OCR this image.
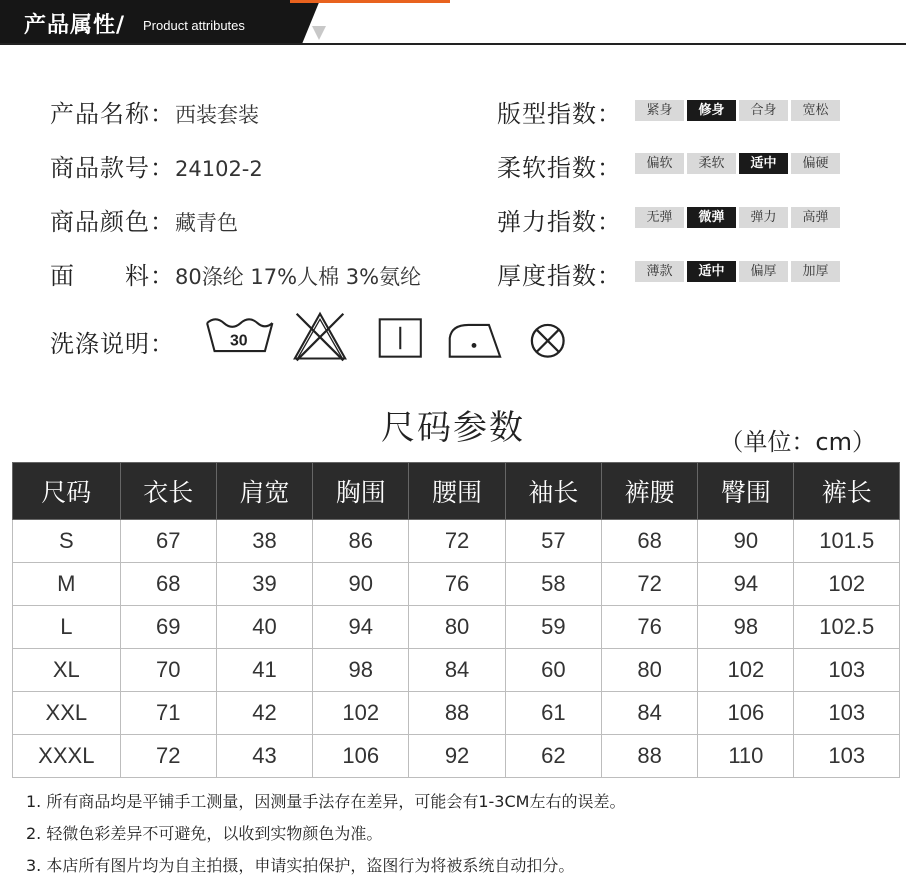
产品属性/ Product attributes
产品名称：西装套装
商品款号：24102-2
商品颜色：藏青色
面　　料：80涤纶 17%人棉 3%氨纶
版型指数：	紧身	修身	合身	宽松
柔软指数：	偏软	柔软	适中	偏硬
弹力指数：	无弹	微弹	弹力	高弹
厚度指数：	薄款	适中	偏厚	加厚
洗涤说明：	30
尺码参数	（单位：cm）
尺码	衣长	肩宽	胸围	腰围	袖长	裤腰	臀围	裤长
S	67	38	86	72	57	68	90	101.5
M	68	39	90	76	58	72	94	102
L	69	40	94	80	59	76	98	102.5
XL	70	41	98	84	60	80	102	103
XXL	71	42	102	88	61	84	106	103
XXXL	72	43	106	92	62	88	110	103
1. 所有商品均是平铺手工测量，因测量手法存在差异，可能会有1-3CM左右的误差。
2. 轻微色彩差异不可避免，以收到实物颜色为准。
3. 本店所有图片均为自主拍摄，申请实拍保护，盗图行为将被系统自动扣分。
